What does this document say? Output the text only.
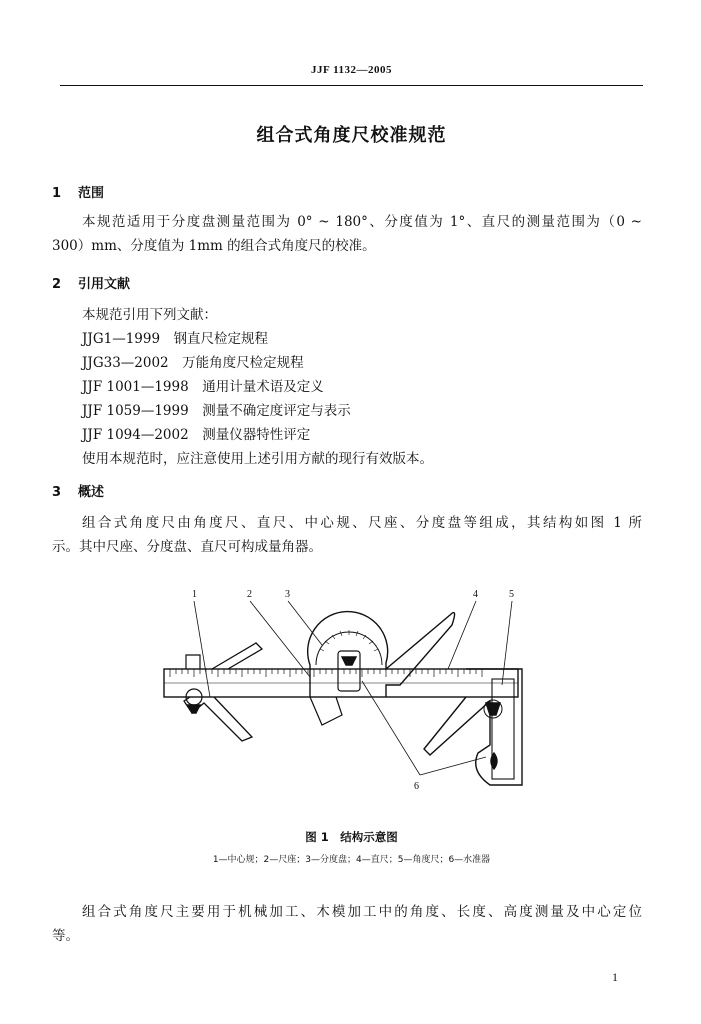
JJF 1132—2005
组合式角度尺校准规范
1 范围
本规范适用于分度盘测量范围为 0° ~ 180°、分度值为 1°、直尺的测量范围为（0 ~
300）mm、分度值为 1mm 的组合式角度尺的校准。
2 引用文献
本规范引用下列文献：
JJG1—1999　钢直尺检定规程
JJG33—2002　万能角度尺检定规程
JJF 1001—1998　通用计量术语及定义
JJF 1059—1999　测量不确定度评定与表示
JJF 1094—2002　测量仪器特性评定
使用本规范时，应注意使用上述引用方献的现行有效版本。
3 概述
组合式角度尺由角度尺、直尺、中心规、尺座、分度盘等组成，其结构如图 1 所
示。其中尺座、分度盘、直尺可构成量角器。
1	2	3	4	5
6
图 1　结构示意图
1—中心规；2—尺座；3—分度盘；4—直尺；5—角度尺；6—水准器
组合式角度尺主要用于机械加工、木模加工中的角度、长度、高度测量及中心定位
等。
1
